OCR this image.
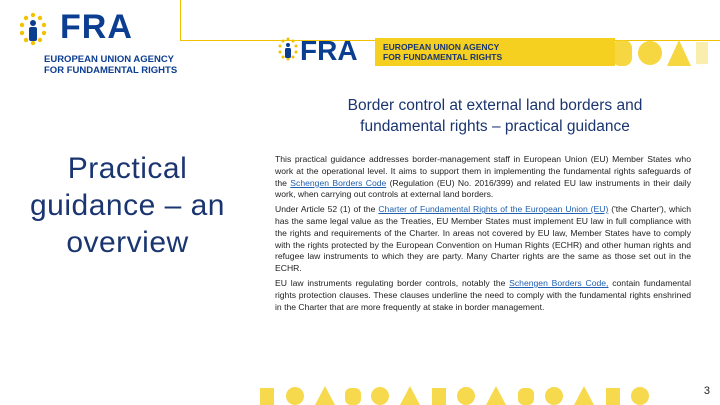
FRA
EUROPEAN UNION AGENCY
FOR FUNDAMENTAL RIGHTS
Practical guidance – an overview
FRA	EUROPEAN UNION AGENCY
FOR FUNDAMENTAL RIGHTS
Border control at external land borders and
fundamental rights – practical guidance

This practical guidance addresses border-management staff in European Union (EU) Member States who work at the operational level. It aims to support them in implementing the fundamental rights safeguards of the Schengen Borders Code (Regulation (EU) No. 2016/399) and related EU law instruments in their daily work, when carrying out controls at external land borders.

Under Article 52 (1) of the Charter of Fundamental Rights of the European Union (EU) ('the Charter'), which has the same legal value as the Treaties, EU Member States must implement EU law in full compliance with the rights and requirements of the Charter. In areas not covered by EU law, Member States have to comply with the rights protected by the European Convention on Human Rights (ECHR) and other human rights and refugee law instruments to which they are party. Many Charter rights are the same as those set out in the ECHR.

EU law instruments regulating border controls, notably the Schengen Borders Code, contain fundamental rights protection clauses. These clauses underline the need to comply with the fundamental rights enshrined in the Charter that are more frequently at stake in border management.

3
